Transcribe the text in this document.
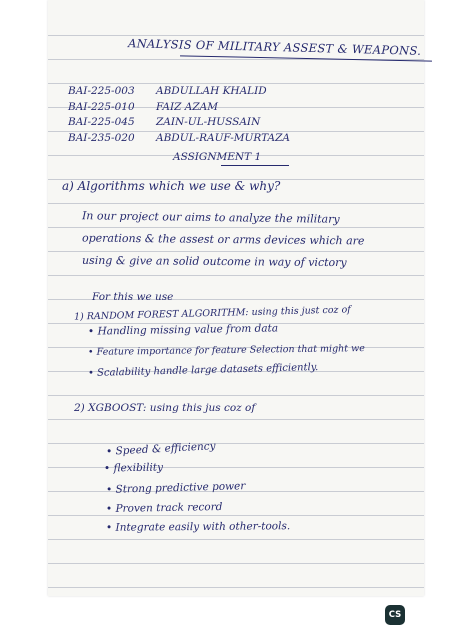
ANALYSIS OF MILITARY ASSEST & WEAPONS.
BAI-225-003 ABDULLAH KHALID
BAI-225-010 FAIZ AZAM
BAI-225-045 ZAIN-UL-HUSSAIN
BAI-235-020 ABDUL-RAUF-MURTAZA
ASSIGNMENT 1
a) Algorithms which we use & why?
In our project our aims to analyze the military
operations & the assest or arms devices which are
using & give an solid outcome in way of victory
For this we use
1) RANDOM FOREST ALGORITHM: using this just coz of
• Handling missing value from data
• Feature importance for feature Selection that might we
• Scalability handle large datasets efficiently.
2) XGBOOST: using this jus coz of
• Speed & efficiency
• flexibility
• Strong predictive power
• Proven track record
• Integrate easily with other-tools.
CS
